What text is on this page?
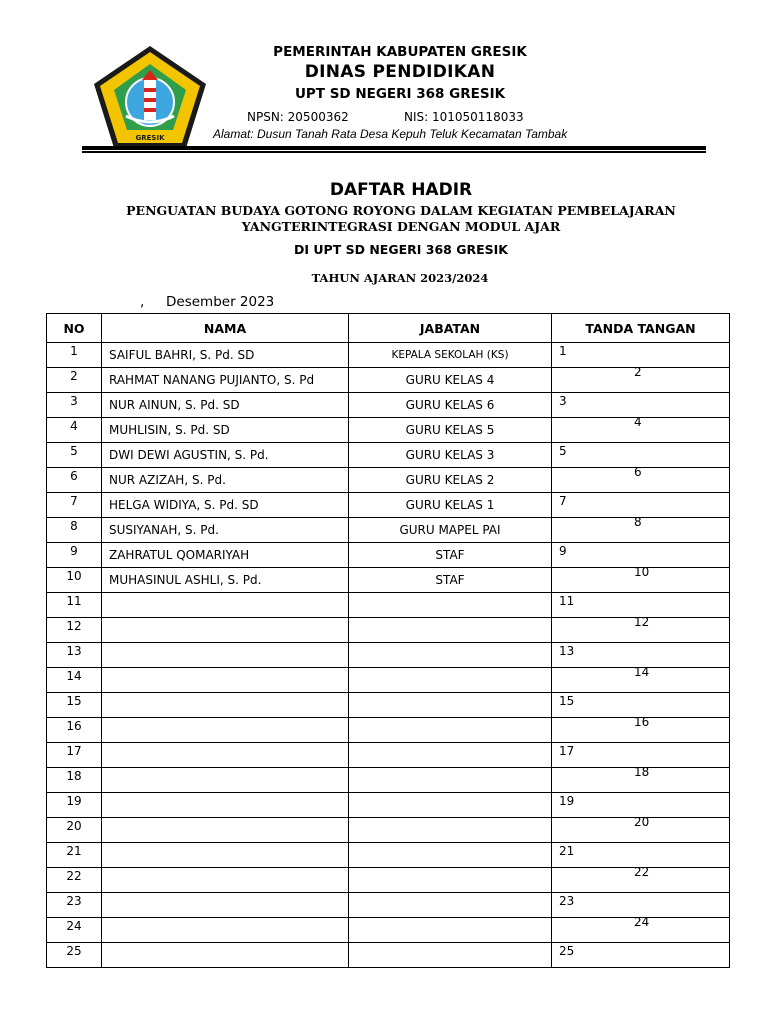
GRESIK
PEMERINTAH KABUPATEN GRESIK
DINAS PENDIDIKAN
UPT SD NEGERI 368 GRESIK
NPSN: 20500362	NIS: 101050118033
Alamat: Dusun Tanah Rata Desa Kepuh Teluk Kecamatan Tambak
DAFTAR HADIR
PENGUATAN BUDAYA GOTONG ROYONG DALAM KEGIATAN PEMBELAJARAN
YANGTERINTEGRASI DENGAN MODUL AJAR
DI UPT SD NEGERI 368 GRESIK
TAHUN AJARAN 2023/2024
, Desember 2023
NO	NAMA	JABATAN	TANDA TANGAN
1	SAIFUL BAHRI, S. Pd. SD	KEPALA SEKOLAH (KS)	1

2	RAHMAT NANANG PUJIANTO, S. Pd	GURU KELAS 4	2

3	NUR AINUN, S. Pd. SD	GURU KELAS 6	3

4	MUHLISIN, S. Pd. SD	GURU KELAS 5	4

5	DWI DEWI AGUSTIN, S. Pd.	GURU KELAS 3	5

6	NUR AZIZAH, S. Pd.	GURU KELAS 2	6

7	HELGA WIDIYA, S. Pd. SD	GURU KELAS 1	7

8	SUSIYANAH, S. Pd.	GURU MAPEL PAI	8

9	ZAHRATUL QOMARIYAH	STAF	9

10	MUHASINUL ASHLI, S. Pd.	STAF	10

11			11

12			12

13			13

14			14

15			15

16			16

17			17

18			18

19			19

20			20

21			21

22			22

23			23

24			24

25			25
